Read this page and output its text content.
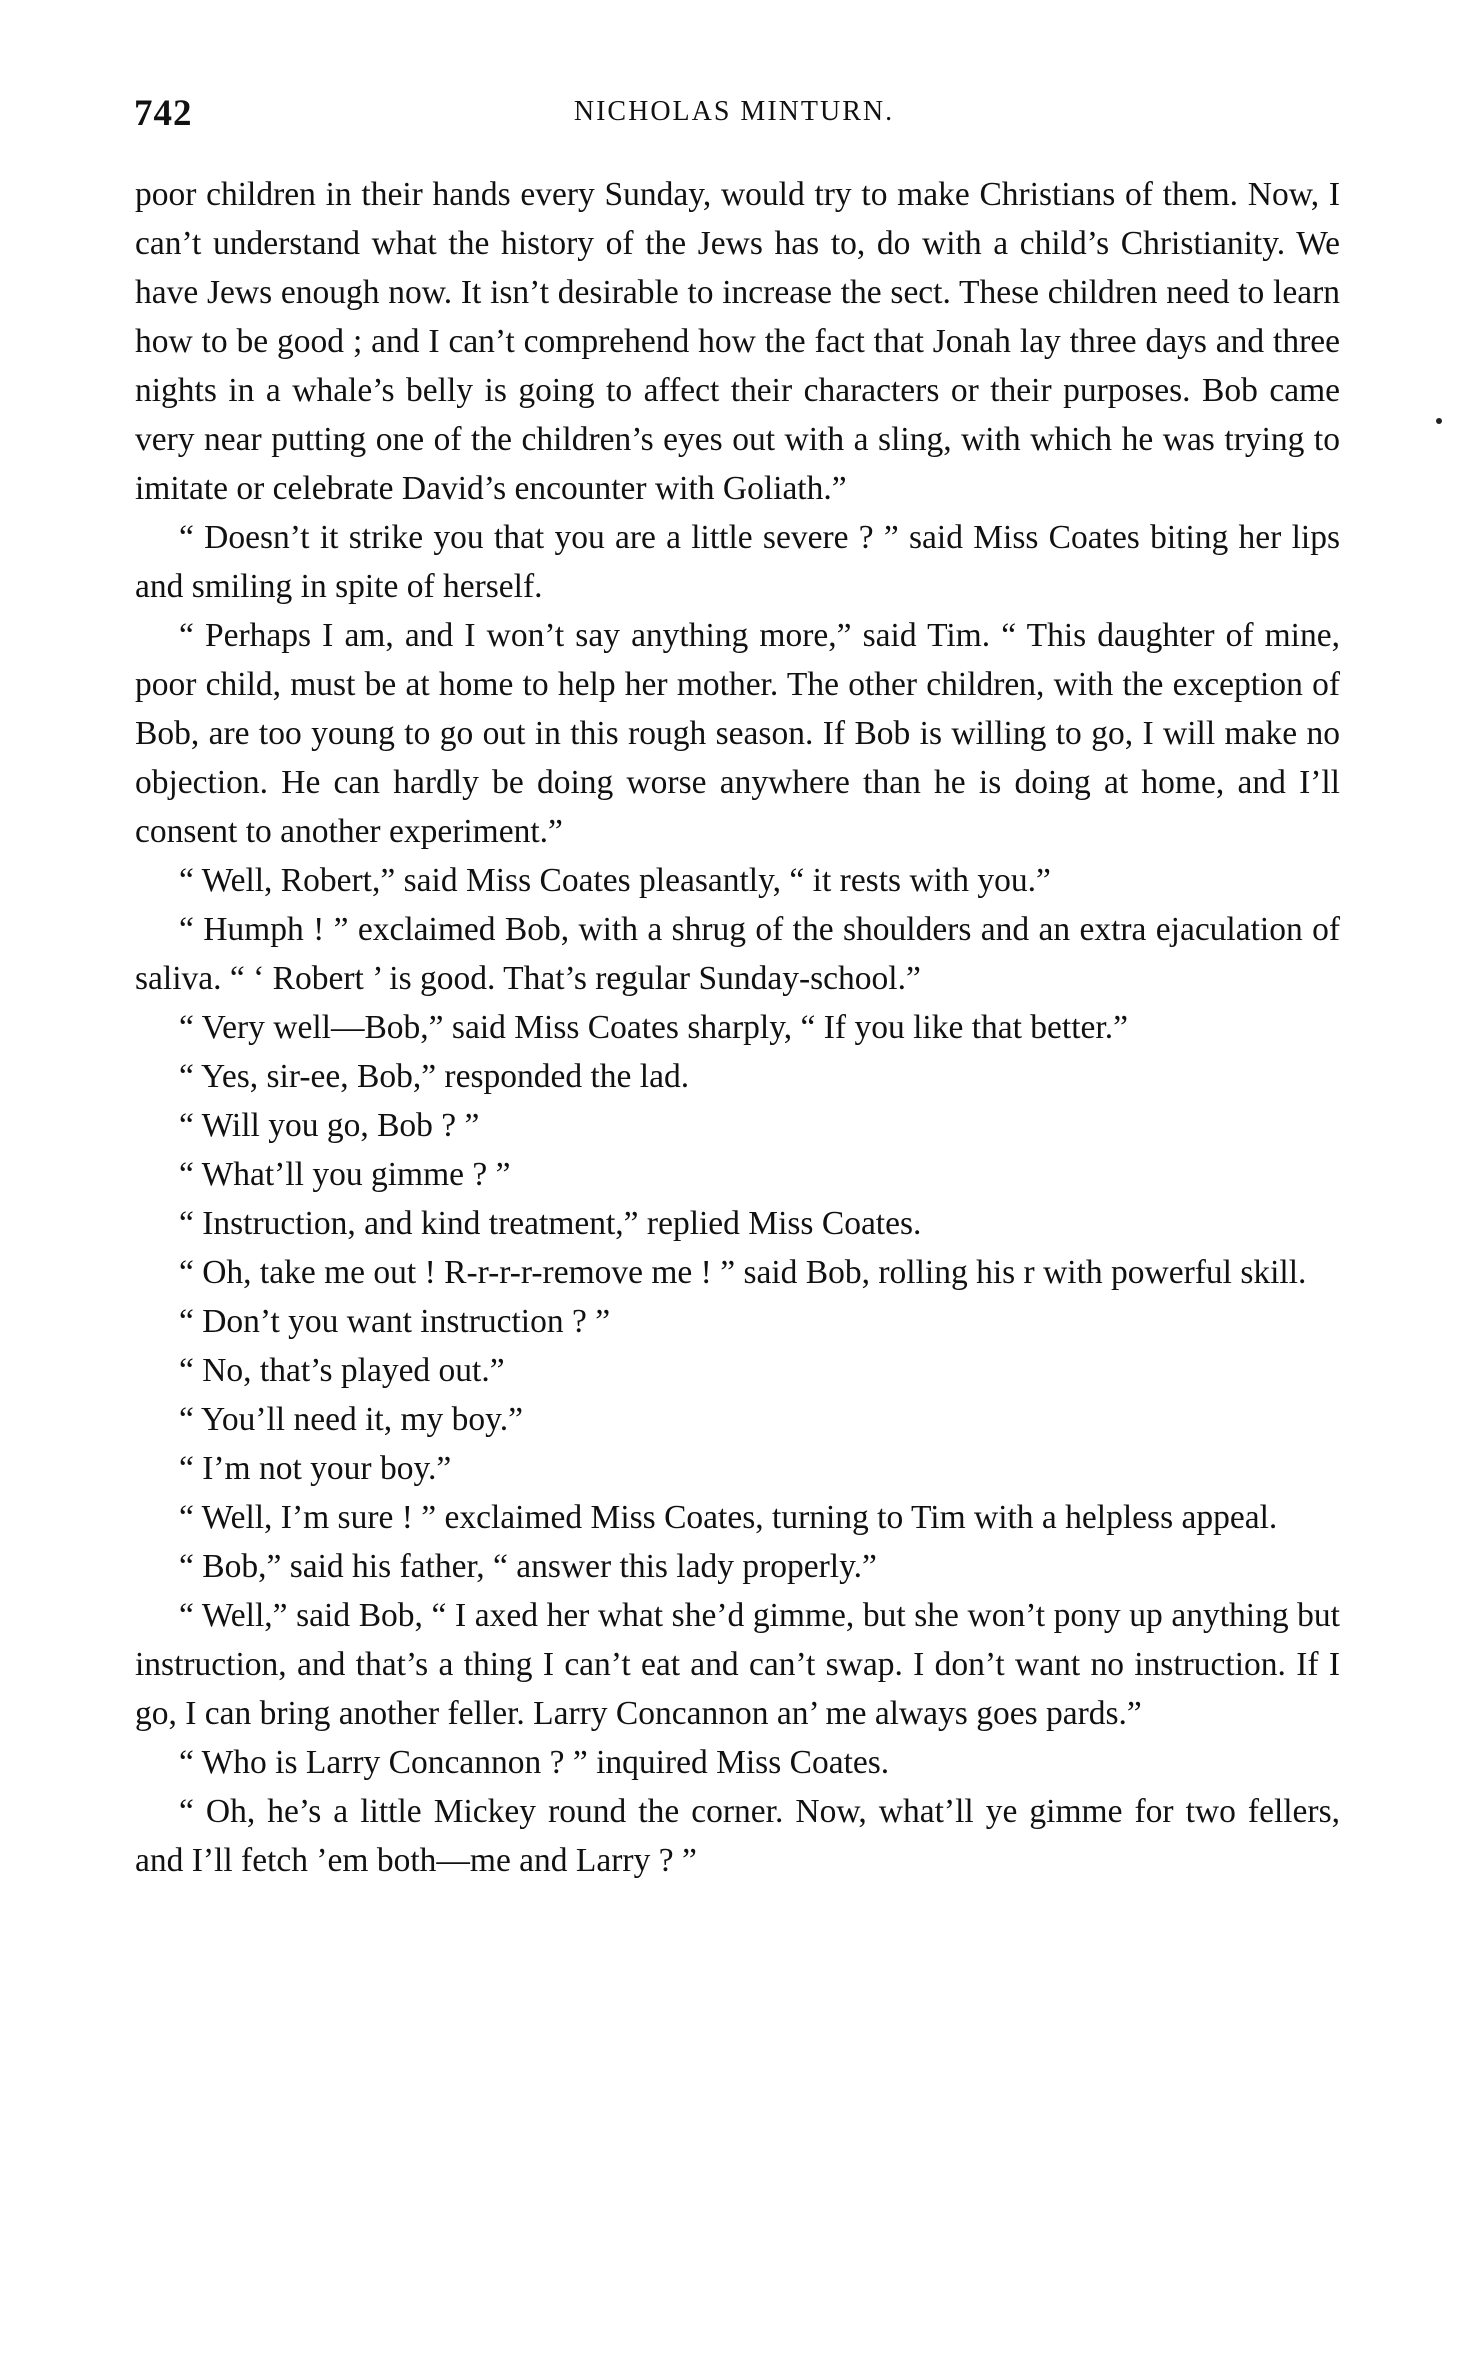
742	NICHOLAS MINTURN.

poor children in their hands every Sunday, would try to make Christians of them. Now, I can’t understand what the history of the Jews has to, do with a child’s Christianity. We have Jews enough now. It isn’t desirable to increase the sect. These children need to learn how to be good ; and I can’t comprehend how the fact that Jonah lay three days and three nights in a whale’s belly is going to affect their characters or their purposes. Bob came very near putting one of the children’s eyes out with a sling, with which he was trying to imitate or celebrate David’s encounter with Goliath.”

“ Doesn’t it strike you that you are a little severe ? ” said Miss Coates biting her lips and smiling in spite of herself.

“ Perhaps I am, and I won’t say anything more,” said Tim. “ This daughter of mine, poor child, must be at home to help her mother. The other children, with the exception of Bob, are too young to go out in this rough season. If Bob is willing to go, I will make no objection. He can hardly be doing worse anywhere than he is doing at home, and I’ll consent to another experiment.”

“ Well, Robert,” said Miss Coates pleasantly, “ it rests with you.”

“ Humph ! ” exclaimed Bob, with a shrug of the shoulders and an extra ejaculation of saliva. “ ‘ Robert ’ is good. That’s regular Sunday-school.”

“ Very well—Bob,” said Miss Coates sharply, “ If you like that better.”

“ Yes, sir-ee, Bob,” responded the lad.

“ Will you go, Bob ? ”

“ What’ll you gimme ? ”

“ Instruction, and kind treatment,” replied Miss Coates.

“ Oh, take me out ! R-r-r-r-remove me ! ” said Bob, rolling his r with powerful skill.

“ Don’t you want instruction ? ”

“ No, that’s played out.”

“ You’ll need it, my boy.”

“ I’m not your boy.”

“ Well, I’m sure ! ” exclaimed Miss Coates, turning to Tim with a helpless appeal.

“ Bob,” said his father, “ answer this lady properly.”

“ Well,” said Bob, “ I axed her what she’d gimme, but she won’t pony up anything but instruction, and that’s a thing I can’t eat and can’t swap. I don’t want no instruction. If I go, I can bring another feller. Larry Concannon an’ me always goes pards.”

“ Who is Larry Concannon ? ” inquired Miss Coates.

“ Oh, he’s a little Mickey round the corner. Now, what’ll ye gimme for two fellers, and I’ll fetch ’em both—me and Larry ? ”
